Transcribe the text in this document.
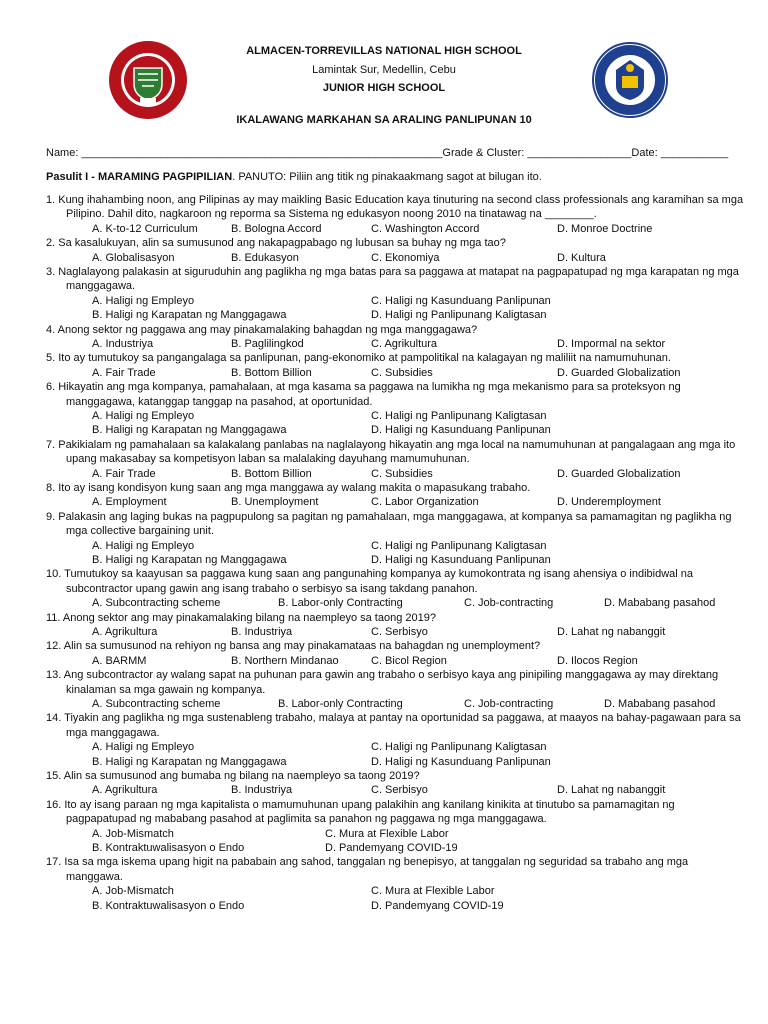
ALMACEN-TORREVILLAS NATIONAL HIGH SCHOOL
Lamintak Sur, Medellin, Cebu
JUNIOR HIGH SCHOOL
IKALAWANG MARKAHAN SA ARALING PANLIPUNAN 10
Name: ___________________________________________________________Grade & Cluster: _________________Date: ___________
Pasulit I - MARAMING PAGPIPILIAN. PANUTO: Piliin ang titik ng pinakaakmang sagot at bilugan ito.
1. Kung ihahambing noon, ang Pilipinas ay may maikling Basic Education kaya tinuturing na second class professionals ang karamihan sa mga Pilipino. Dahil dito, nagkaroon ng reporma sa Sistema ng edukasyon noong 2010 na tinatawag na ________.
A. K-to-12 Curriculum	B. Bologna Accord	C. Washington Accord	D. Monroe Doctrine
2. Sa kasalukuyan, alin sa sumusunod ang nakapagpabago ng lubusan sa buhay ng mga tao?
A. Globalisasyon	B. Edukasyon	C. Ekonomiya	D. Kultura
3. Naglalayong palakasin at siguruduhin ang paglikha ng mga batas para sa paggawa at matapat na pagpapatupad ng mga karapatan ng mga manggagawa.
A. Haligi ng Empleyo	C. Haligi ng Kasunduang Panlipunan
B. Haligi ng Karapatan ng Manggagawa	D. Haligi ng Panlipunang Kaligtasan
4. Anong sektor ng paggawa ang may pinakamalaking bahagdan ng mga manggagawa?
A. Industriya	B. Paglilingkod	C. Agrikultura	D. Impormal na sektor
5. Ito ay tumutukoy sa pangangalaga sa panlipunan, pang-ekonomiko at pampolitikal na kalagayan ng maliliit na namumuhunan.
A. Fair Trade	B. Bottom Billion	C. Subsidies	D. Guarded Globalization
6. Hikayatin ang mga kompanya, pamahalaan, at mga kasama sa paggawa na lumikha ng mga mekanismo para sa proteksyon ng manggagawa, katanggap tanggap na pasahod, at oportunidad.
A. Haligi ng Empleyo	C. Haligi ng Panlipunang Kaligtasan
B. Haligi ng Karapatan ng Manggagawa	D. Haligi ng Kasunduang Panlipunan
7. Pakikialam ng pamahalaan sa kalakalang panlabas na naglalayong hikayatin ang mga local na namumuhunan at pangalagaan ang mga ito upang makasabay sa kompetisyon laban sa malalaking dayuhang mamumuhunan.
A. Fair Trade	B. Bottom Billion	C. Subsidies	D. Guarded Globalization
8. Ito ay isang kondisyon kung saan ang mga manggawa ay walang makita o mapasukang trabaho.
A. Employment	B. Unemployment	C. Labor Organization	D. Underemployment
9. Palakasin ang laging bukas na pagpupulong sa pagitan ng pamahalaan, mga manggagawa, at kompanya sa pamamagitan ng paglikha ng mga collective bargaining unit.
A. Haligi ng Empleyo	C. Haligi ng Panlipunang Kaligtasan
B. Haligi ng Karapatan ng Manggagawa	D. Haligi ng Kasunduang Panlipunan
10. Tumutukoy sa kaayusan sa paggawa kung saan ang pangunahing kompanya ay kumokontrata ng isang ahensiya o indibidwal na subcontractor upang gawin ang isang trabaho o serbisyo sa isang takdang panahon.
A. Subcontracting scheme	B. Labor-only Contracting	C. Job-contracting	D. Mababang pasahod
11. Anong sektor ang may pinakamalaking bilang na naempleyo sa taong 2019?
A. Agrikultura	B. Industriya	C. Serbisyo	D. Lahat ng nabanggit
12. Alin sa sumusunod na rehiyon ng bansa ang may pinakamataas na bahagdan ng unemployment?
A. BARMM	B. Northern Mindanao	C. Bicol Region	D. Ilocos Region
13. Ang subcontractor ay walang sapat na puhunan para gawin ang trabaho o serbisyo kaya ang pinipiling manggagawa ay may direktang kinalaman sa mga gawain ng kompanya.
A. Subcontracting scheme	B. Labor-only Contracting	C. Job-contracting	D. Mababang pasahod
14. Tiyakin ang paglikha ng mga sustenableng trabaho, malaya at pantay na oportunidad sa paggawa, at maayos na bahay-pagawaan para sa mga manggagawa.
A. Haligi ng Empleyo	C. Haligi ng Panlipunang Kaligtasan
B. Haligi ng Karapatan ng Manggagawa	D. Haligi ng Kasunduang Panlipunan
15. Alin sa sumusunod ang bumaba ng bilang na naempleyo sa taong 2019?
A. Agrikultura	B. Industriya	C. Serbisyo	D. Lahat ng nabanggit
16. Ito ay isang paraan ng mga kapitalista o mamumuhunan upang palakihin ang kanilang kinikita at tinutubo sa pamamagitan ng pagpapatupad ng mababang pasahod at paglimita sa panahon ng paggawa ng mga manggagawa.
A. Job-Mismatch	C. Mura at Flexible Labor
B. Kontraktuwalisasyon o Endo	D. Pandemyang COVID-19
17. Isa sa mga iskema upang higit na pababain ang sahod, tanggalan ng benepisyo, at tanggalan ng seguridad sa trabaho ang mga manggawa.
A. Job-Mismatch	C. Mura at Flexible Labor
B. Kontraktuwalisasyon o Endo	D. Pandemyang COVID-19
